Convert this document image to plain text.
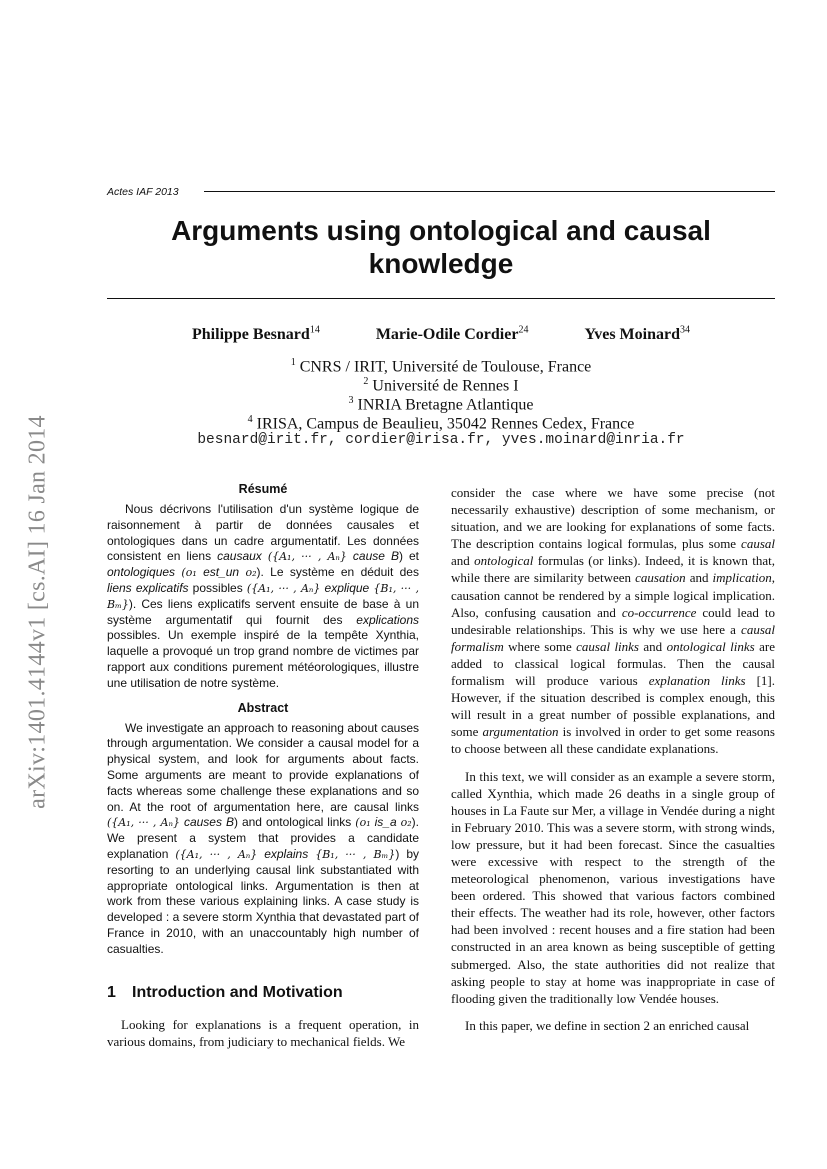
Actes IAF 2013
Arguments using ontological and causal knowledge
Philippe Besnard$^{14}$	Marie-Odile Cordier$^{24}$	Yves Moinard$^{34}$
$^1$ CNRS / IRIT, Université de Toulouse, France
$^2$ Université de Rennes I
$^3$ INRIA Bretagne Atlantique
$^4$ IRISA, Campus de Beaulieu, 35042 Rennes Cedex, France
besnard@irit.fr, cordier@irisa.fr, yves.moinard@inria.fr
arXiv:1401.4144v1 [cs.AI] 16 Jan 2014	Résumé

Nous décrivons l'utilisation d'un système logique de raisonnement à partir de données causales et ontologiques dans un cadre argumentatif. Les données consistent en liens causaux ({A₁, ··· , Aₙ} cause B) et ontologiques (o₁ est_un o₂). Le système en déduit des liens explicatifs possibles ({A₁, ··· , Aₙ} explique {B₁, ··· , Bₘ}). Ces liens explicatifs servent ensuite de base à un système argumentatif qui fournit des explications possibles. Un exemple inspiré de la tempête Xynthia, laquelle a provoqué un trop grand nombre de victimes par rapport aux conditions purement météorologiques, illustre une utilisation de notre système.

Abstract

We investigate an approach to reasoning about causes through argumentation. We consider a causal model for a physical system, and look for arguments about facts. Some arguments are meant to provide explanations of facts whereas some challenge these explanations and so on. At the root of argumentation here, are causal links ({A₁, ··· , Aₙ} causes B) and ontological links (o₁ is_a o₂). We present a system that provides a candidate explanation ({A₁, ··· , Aₙ} explains {B₁, ··· , Bₘ}) by resorting to an underlying causal link substantiated with appropriate ontological links. Argumentation is then at work from these various explaining links. A case study is developed : a severe storm Xynthia that devastated part of France in 2010, with an unaccountably high number of casualties.

1 Introduction and Motivation

Looking for explanations is a frequent operation, in various domains, from judiciary to mechanical fields. We

consider the case where we have some precise (not necessarily exhaustive) description of some mechanism, or situation, and we are looking for explanations of some facts. The description contains logical formulas, plus some causal and ontological formulas (or links). Indeed, it is known that, while there are similarity between causation and implication, causation cannot be rendered by a simple logical implication. Also, confusing causation and co-occurrence could lead to undesirable relationships. This is why we use here a causal formalism where some causal links and ontological links are added to classical logical formulas. Then the causal formalism will produce various explanation links [1]. However, if the situation described is complex enough, this will result in a great number of possible explanations, and some argumentation is involved in order to get some reasons to choose between all these candidate explanations.

In this text, we will consider as an example a severe storm, called Xynthia, which made 26 deaths in a single group of houses in La Faute sur Mer, a village in Vendée during a night in February 2010. This was a severe storm, with strong winds, low pressure, but it had been forecast. Since the casualties were excessive with respect to the strength of the meteorological phenomenon, various investigations have been ordered. This showed that various factors combined their effects. The weather had its role, however, other factors had been involved : recent houses and a fire station had been constructed in an area known as being susceptible of getting submerged. Also, the state authorities did not realize that asking people to stay at home was inappropriate in case of flooding given the traditionally low Vendée houses.

In this paper, we define in section 2 an enriched causal
